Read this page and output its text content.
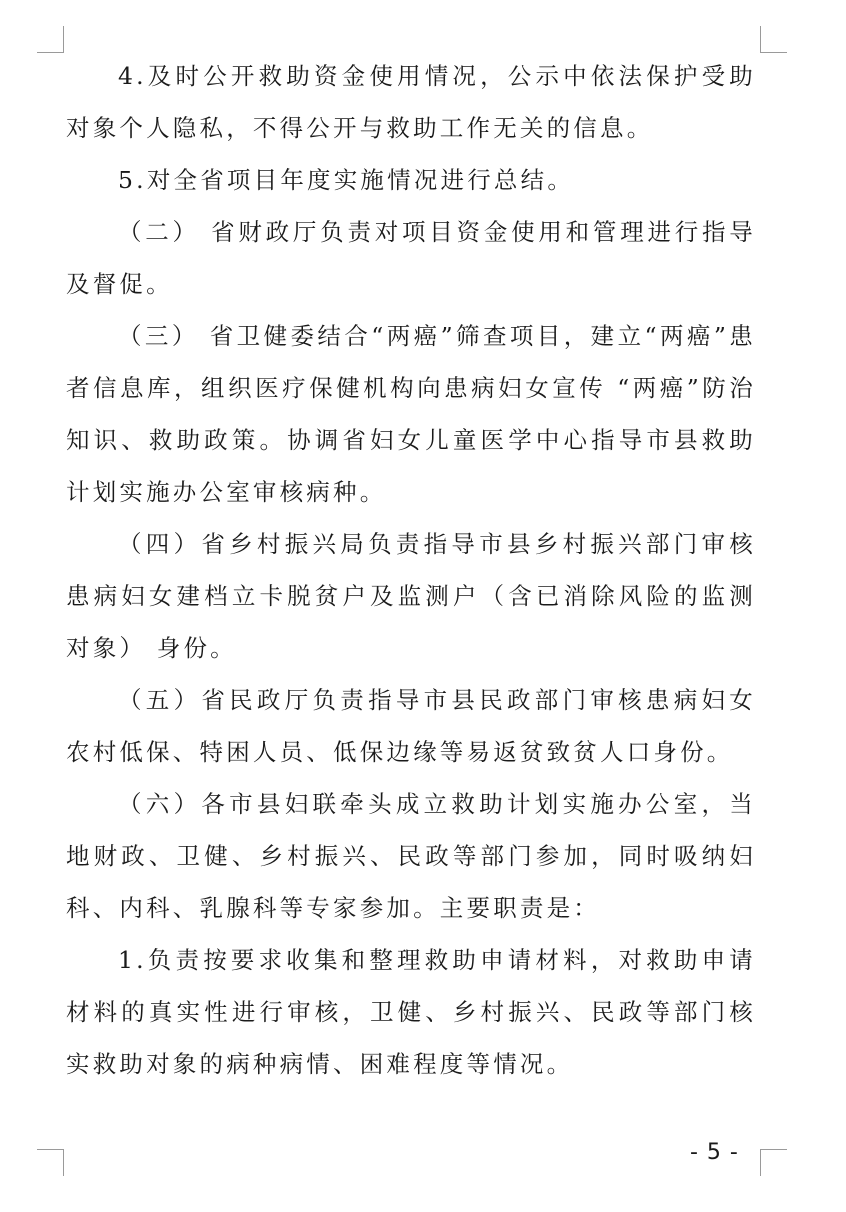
4.及时公开救助资金使用情况，公示中依法保护受助对象个人隐私，不得公开与救助工作无关的信息。

5.对全省项目年度实施情况进行总结。

（二） 省财政厅负责对项目资金使用和管理进行指导及督促。

（三） 省卫健委结合“两癌”筛查项目，建立“两癌”患者信息库，组织医疗保健机构向患病妇女宣传 “两癌”防治知识、救助政策。协调省妇女儿童医学中心指导市县救助计划实施办公室审核病种。

（四）省乡村振兴局负责指导市县乡村振兴部门审核患病妇女建档立卡脱贫户及监测户（含已消除风险的监测对象） 身份。

（五）省民政厅负责指导市县民政部门审核患病妇女农村低保、特困人员、低保边缘等易返贫致贫人口身份。

（六）各市县妇联牵头成立救助计划实施办公室，当地财政、卫健、乡村振兴、民政等部门参加，同时吸纳妇科、内科、乳腺科等专家参加。主要职责是：

1.负责按要求收集和整理救助申请材料，对救助申请材料的真实性进行审核，卫健、乡村振兴、民政等部门核实救助对象的病种病情、困难程度等情况。

- 5 -
